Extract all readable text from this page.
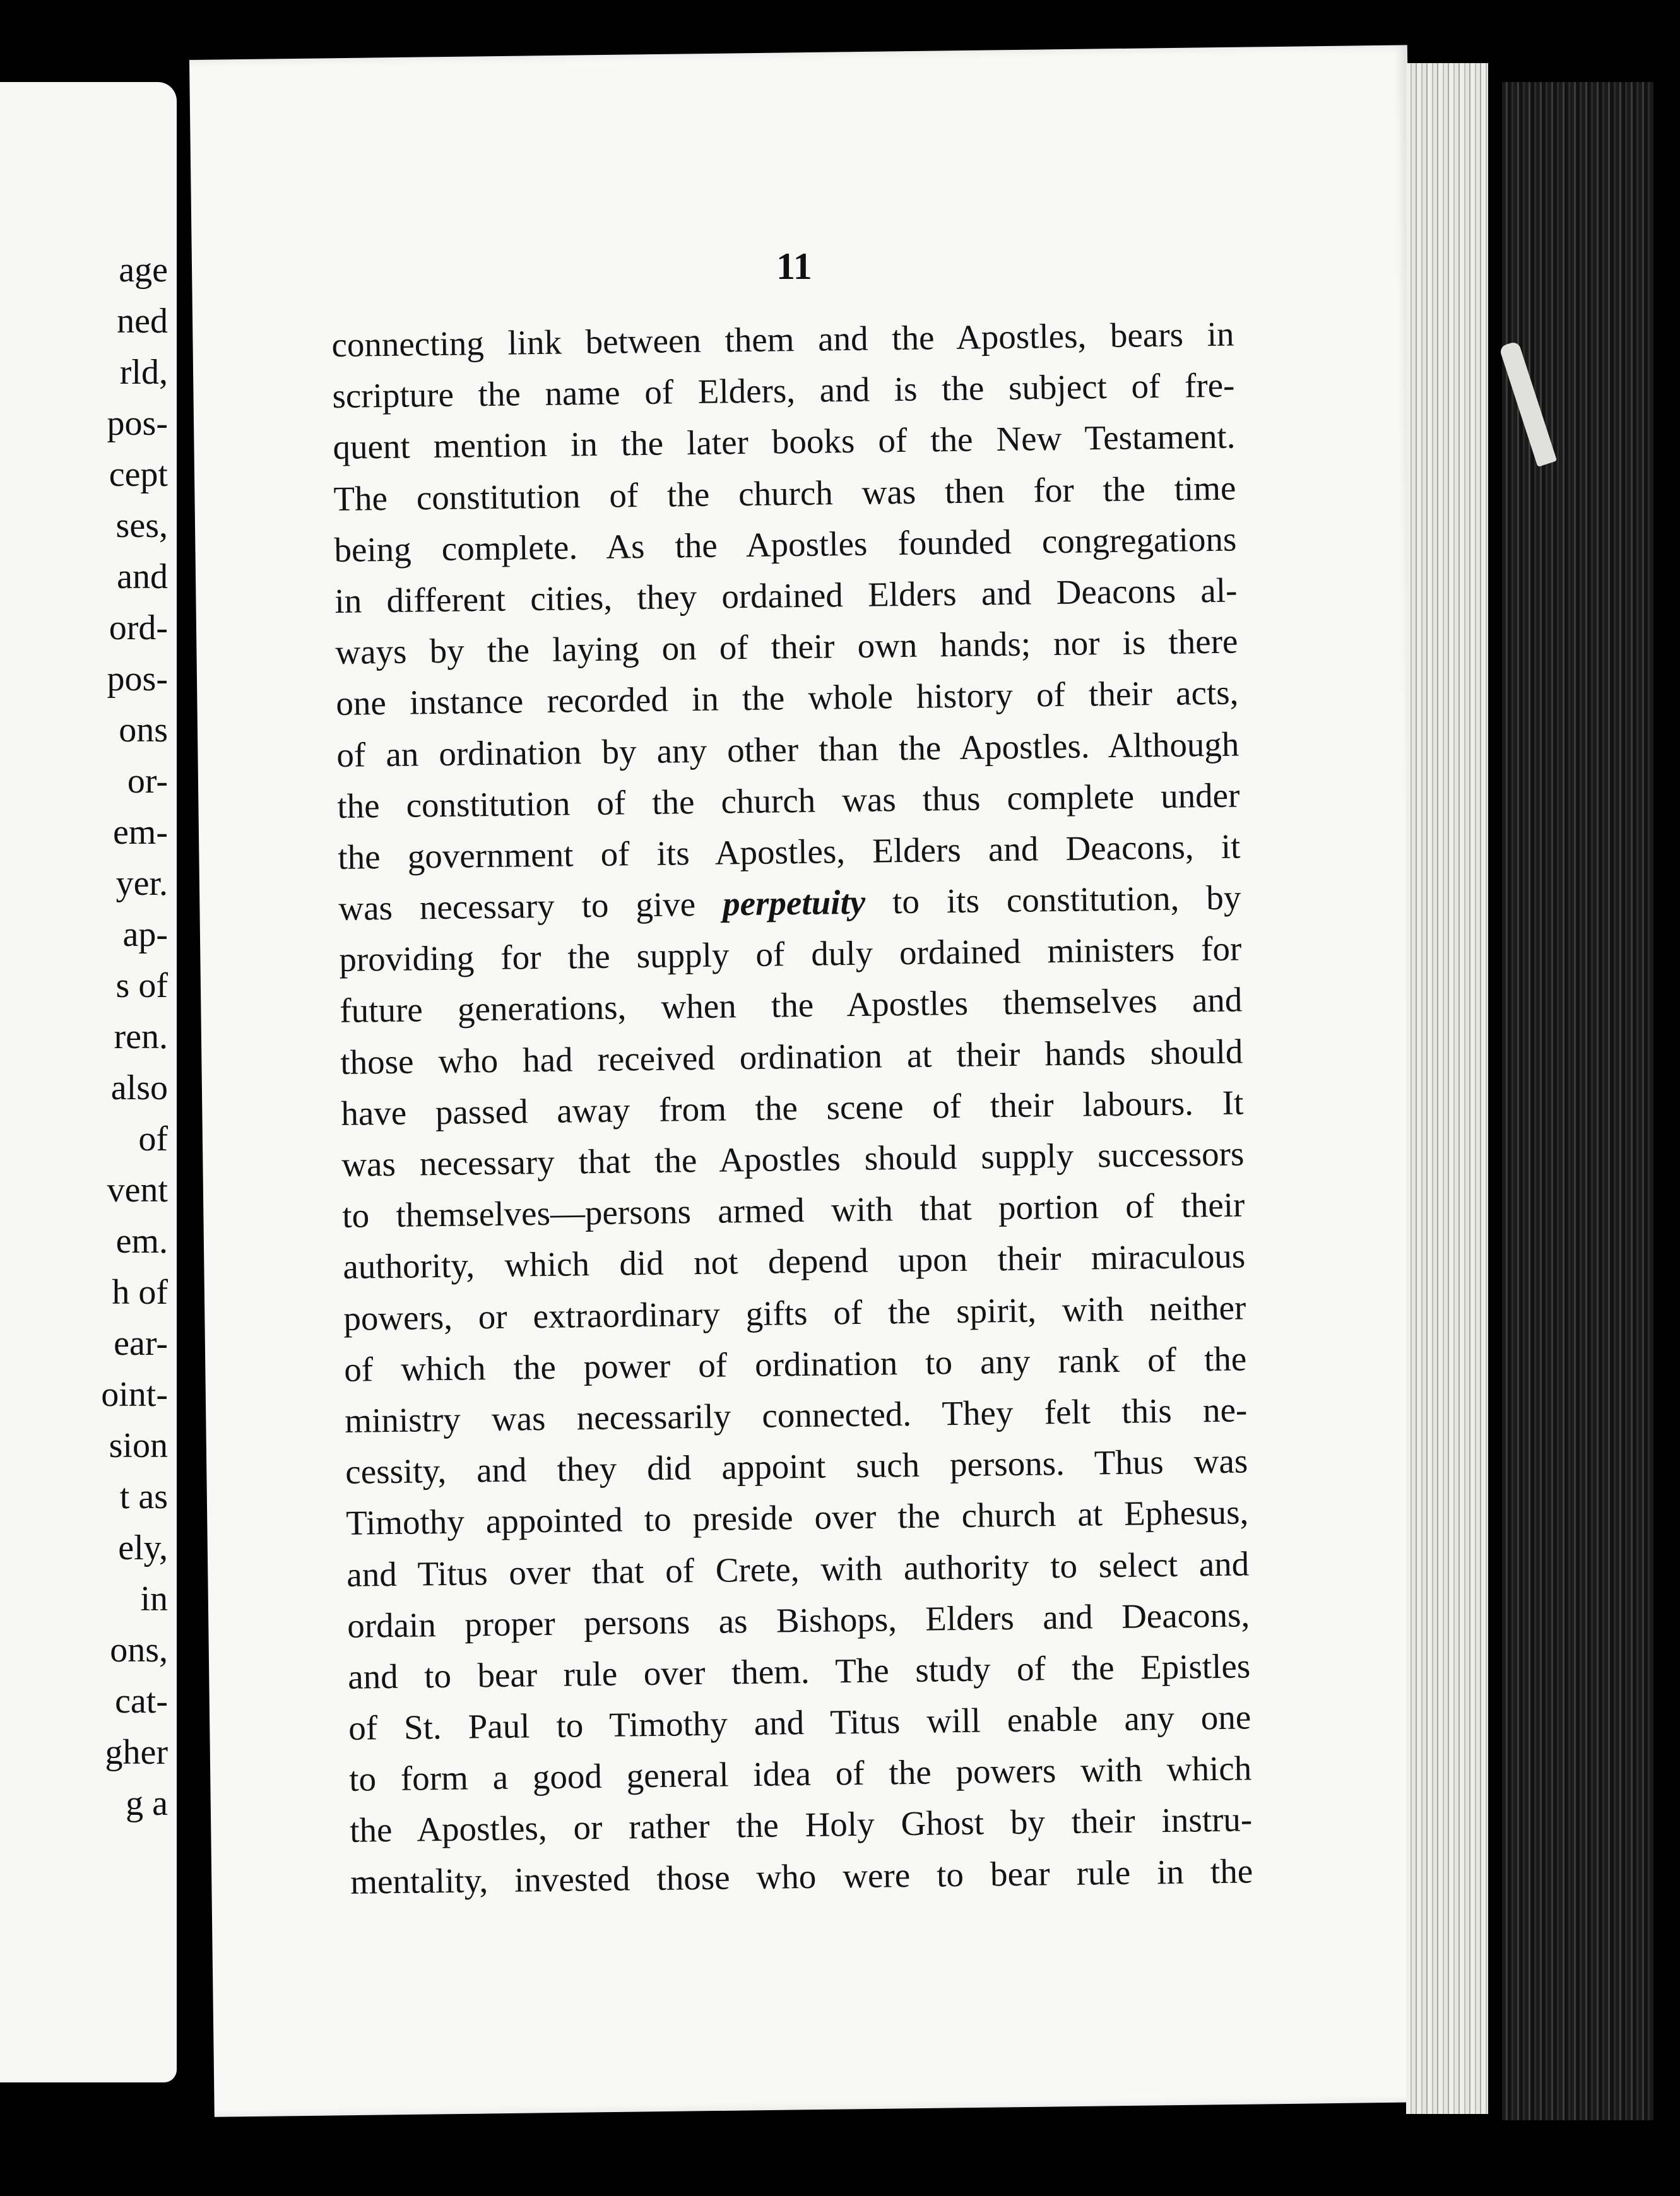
age

ned

rld,

pos-

cept

ses,

and

ord-

pos-

ons

or-

em-

yer.

ap-

s of

ren.

also

of

vent

em.

h of

ear-

oint-

sion

t as

ely,

in

ons,

cat-

gher

g a

11

connecting link between them and the Apostles, bears in
scripture the name of Elders, and is the subject of fre-
quent mention in the later books of the New Testament.
The constitution of the church was then for the time
being complete. As the Apostles founded congregations
in different cities, they ordained Elders and Deacons al-
ways by the laying on of their own hands; nor is there
one instance recorded in the whole history of their acts,
of an ordination by any other than the Apostles. Although
the constitution of the church was thus complete under
the government of its Apostles, Elders and Deacons, it
was necessary to give perpetuity to its constitution, by
providing for the supply of duly ordained ministers for
future generations, when the Apostles themselves and
those who had received ordination at their hands should
have passed away from the scene of their labours. It
was necessary that the Apostles should supply successors
to themselves—persons armed with that portion of their
authority, which did not depend upon their miraculous
powers, or extraordinary gifts of the spirit, with neither
of which the power of ordination to any rank of the
ministry was necessarily connected. They felt this ne-
cessity, and they did appoint such persons. Thus was
Timothy appointed to preside over the church at Ephesus,
and Titus over that of Crete, with authority to select and
ordain proper persons as Bishops, Elders and Deacons,
and to bear rule over them. The study of the Epistles
of St. Paul to Timothy and Titus will enable any one
to form a good general idea of the powers with which
the Apostles, or rather the Holy Ghost by their instru-
mentality, invested those who were to bear rule in the
